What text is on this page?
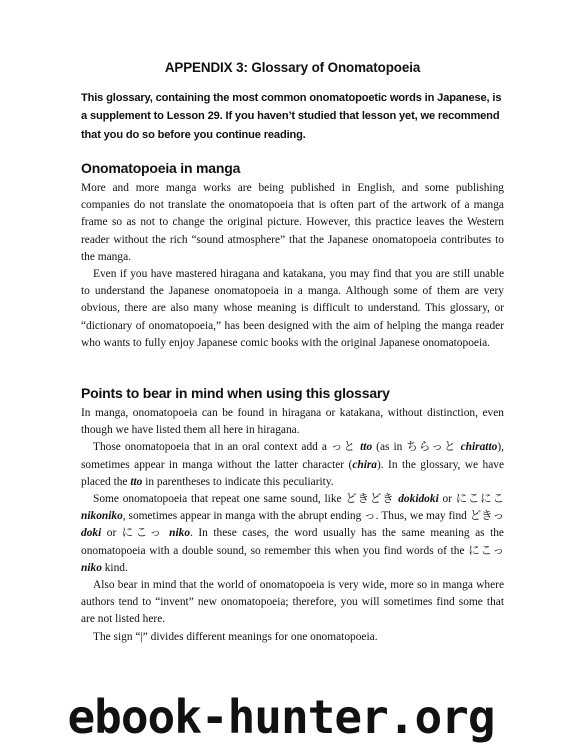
APPENDIX 3: Glossary of Onomatopoeia
This glossary, containing the most common onomatopoetic words in Japanese, is a supplement to Lesson 29. If you haven’t studied that lesson yet, we recommend that you do so before you continue reading.
Onomatopoeia in manga

More and more manga works are being published in English, and some publishing companies do not translate the onomatopoeia that is often part of the artwork of a manga frame so as not to change the original picture. However, this practice leaves the Western reader without the rich “sound atmosphere” that the Japanese onomatopoeia contributes to the manga.

Even if you have mastered hiragana and katakana, you may find that you are still unable to understand the Japanese onomatopoeia in a manga. Although some of them are very obvious, there are also many whose meaning is difficult to understand. This glossary, or “dictionary of onomatopoeia,” has been designed with the aim of helping the manga reader who wants to fully enjoy Japanese comic books with the original Japanese onomatopoeia.

Points to bear in mind when using this glossary

In manga, onomatopoeia can be found in hiragana or katakana, without distinction, even though we have listed them all here in hiragana.

Those onomatopoeia that in an oral context add a っと tto (as in ちらっと chiratto), sometimes appear in manga without the latter character (chira). In the glossary, we have placed the tto in parentheses to indicate this peculiarity.

Some onomatopoeia that repeat one same sound, like どきどき dokidoki or にこにこ nikoniko, sometimes appear in manga with the abrupt ending っ. Thus, we may find どきっ doki or にこっ niko. In these cases, the word usually has the same meaning as the onomatopoeia with a double sound, so remember this when you find words of the にこっ niko kind.

Also bear in mind that the world of onomatopoeia is very wide, more so in manga where authors tend to “invent” new onomatopoeia; therefore, you will sometimes find some that are not listed here.

The sign “|” divides different meanings for one onomatopoeia.

ebook-hunter.org
